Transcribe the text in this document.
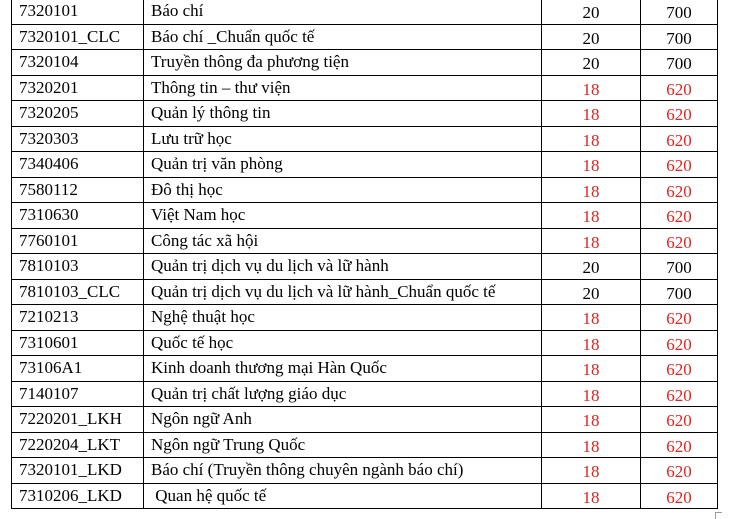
7320101	Báo chí	20	700
7320101_CLC	Báo chí _Chuẩn quốc tế	20	700
7320104	Truyền thông đa phương tiện	20	700
7320201	Thông tin – thư viện	18	620
7320205	Quản lý thông tin	18	620
7320303	Lưu trữ học	18	620
7340406	Quản trị văn phòng	18	620
7580112	Đô thị học	18	620
7310630	Việt Nam học	18	620
7760101	Công tác xã hội	18	620
7810103	Quản trị dịch vụ du lịch và lữ hành	20	700
7810103_CLC	Quản trị dịch vụ du lịch và lữ hành_Chuẩn quốc tế	20	700
7210213	Nghệ thuật học	18	620
7310601	Quốc tế học	18	620
73106A1	Kinh doanh thương mại Hàn Quốc	18	620
7140107	Quản trị chất lượng giáo dục	18	620
7220201_LKH	Ngôn ngữ Anh	18	620
7220204_LKT	Ngôn ngữ Trung Quốc	18	620
7320101_LKD	Báo chí (Truyền thông chuyên ngành báo chí)	18	620
7310206_LKD	Quan hệ quốc tế	18	620
